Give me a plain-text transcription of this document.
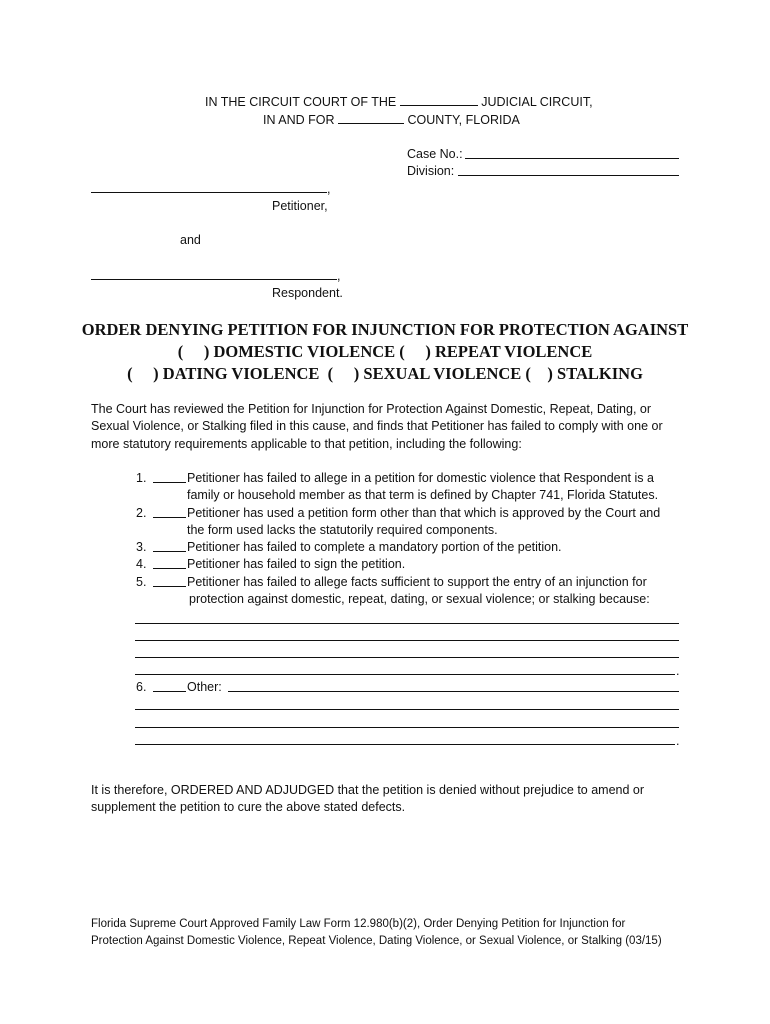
IN THE CIRCUIT COURT OF THE	JUDICIAL CIRCUIT,
IN AND FOR	COUNTY, FLORIDA
Case No.:
Division:
,
Petitioner,
and
,
Respondent.
ORDER DENYING PETITION FOR INJUNCTION FOR PROTECTION AGAINST
(     ) DOMESTIC VIOLENCE (     ) REPEAT VIOLENCE
(     ) DATING VIOLENCE  (     ) SEXUAL VIOLENCE (    ) STALKING
The Court has reviewed the Petition for Injunction for Protection Against Domestic, Repeat, Dating, or Sexual Violence, or Stalking filed in this cause, and finds that Petitioner has failed to comply with one or more statutory requirements applicable to that petition, including the following:
1.	Petitioner has failed to allege in a petition for domestic violence that Respondent is a
family or household member as that term is defined by Chapter 741, Florida Statutes.
2.	Petitioner has used a petition form other than that which is approved by the Court and
the form used lacks the statutorily required components.
3.	Petitioner has failed to complete a mandatory portion of the petition.
4.	Petitioner has failed to sign the petition.
5.	Petitioner has failed to allege facts sufficient to support the entry of an injunction for
protection against domestic, repeat, dating, or sexual violence; or stalking because:
.
6.	Other:
.
It is therefore, ORDERED AND ADJUDGED that the petition is denied without prejudice to amend or supplement the petition to cure the above stated defects.
Florida Supreme Court Approved Family Law Form 12.980(b)(2), Order Denying Petition for Injunction for
Protection Against Domestic Violence, Repeat Violence, Dating Violence, or Sexual Violence, or Stalking (03/15)
